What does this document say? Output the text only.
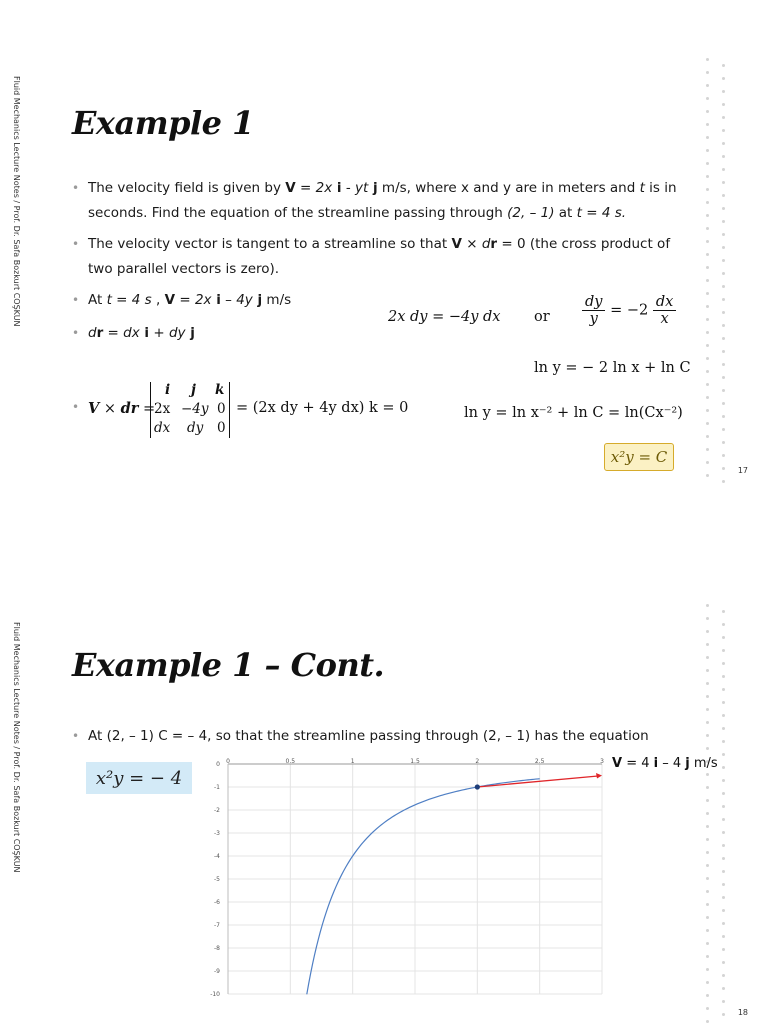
Fluid Mechanics Lecture Notes / Prof. Dr. Safa Bozkurt COŞKUN Example 1
• The velocity field is given by V = 2x i - yt j m/s, where x and y are in meters and t is in
seconds. Find the equation of the streamline passing through (2, – 1) at t = 4 s.
• The velocity vector is tangent to a streamline so that V × dr = 0 (the cross product of
two parallel vectors is zero).
• At t = 4 s , V = 2x i – 4y j m/s
• dr = dx i + dy j
2x dy = −4y dx or $\frac{dy}{y} = -2 \frac{dx}{x}$
ln y = − 2 ln x + ln C
ln y = ln x⁻² + ln C = ln(Cx⁻²)
• V × dr =
i j k
2x −4y 0
dx dy 0
= (2x dy + 4y dx) k = 0
x²y = C
17
Fluid Mechanics Lecture Notes / Prof. Dr. Safa Bozkurt COŞKUN Example 1 – Cont.
• At (2, – 1) C = – 4, so that the streamline passing through (2, – 1) has the equation
x²y = − 4
0	0.5	1	1.5	2	2.5	3
0
-1
-2
-3
-4
-5
-6
-7
-8
-9
-10
V = 4 i – 4 j m/s
18
